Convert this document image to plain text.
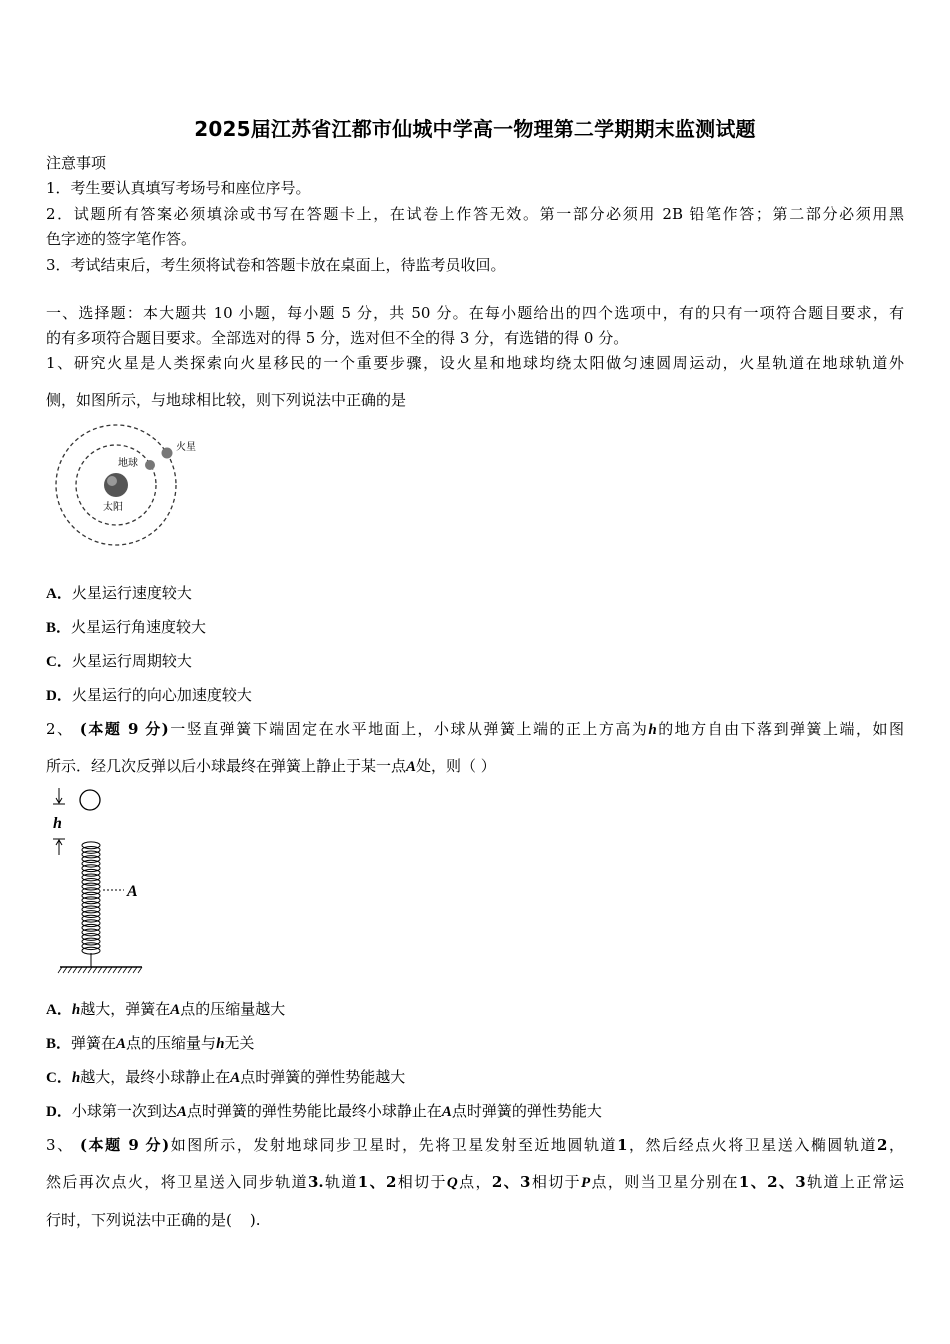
2025届江苏省江都市仙城中学高一物理第二学期期末监测试题
注意事项
1．考生要认真填写考场号和座位序号。
2．试题所有答案必须填涂或书写在答题卡上，在试卷上作答无效。第一部分必须用 2B 铅笔作答；第二部分必须用黑
色字迹的签字笔作答。
3．考试结束后，考生须将试卷和答题卡放在桌面上，待监考员收回。
一、选择题：本大题共 10 小题，每小题 5 分，共 50 分。在每小题给出的四个选项中，有的只有一项符合题目要求，有
的有多项符合题目要求。全部选对的得 5 分，选对但不全的得 3 分，有选错的得 0 分。
1、研究火星是人类探索向火星移民的一个重要步骤，设火星和地球均绕太阳做匀速圆周运动，火星轨道在地球轨道外
侧，如图所示，与地球相比较，则下列说法中正确的是
太阳
地球
火星
A．火星运行速度较大
B．火星运行角速度较大
C．火星运行周期较大
D．火星运行的向心加速度较大
2、 (本题 9 分)一竖直弹簧下端固定在水平地面上，小球从弹簧上端的正上方高为h的地方自由下落到弹簧上端，如图
所示．经几次反弹以后小球最终在弹簧上静止于某一点A处，则（ ）
h
A
A．h越大，弹簧在A点的压缩量越大
B．弹簧在A点的压缩量与h无关
C．h越大，最终小球静止在A点时弹簧的弹性势能越大
D．小球第一次到达A点时弹簧的弹性势能比最终小球静止在A点时弹簧的弹性势能大
3、 (本题 9 分)如图所示，发射地球同步卫星时，先将卫星发射至近地圆轨道1，然后经点火将卫星送入椭圆轨道2，
然后再次点火，将卫星送入同步轨道3.轨道1、2相切于Q点，2、3相切于P点，则当卫星分别在1、2、3轨道上正常运
行时，下列说法中正确的是( ).
